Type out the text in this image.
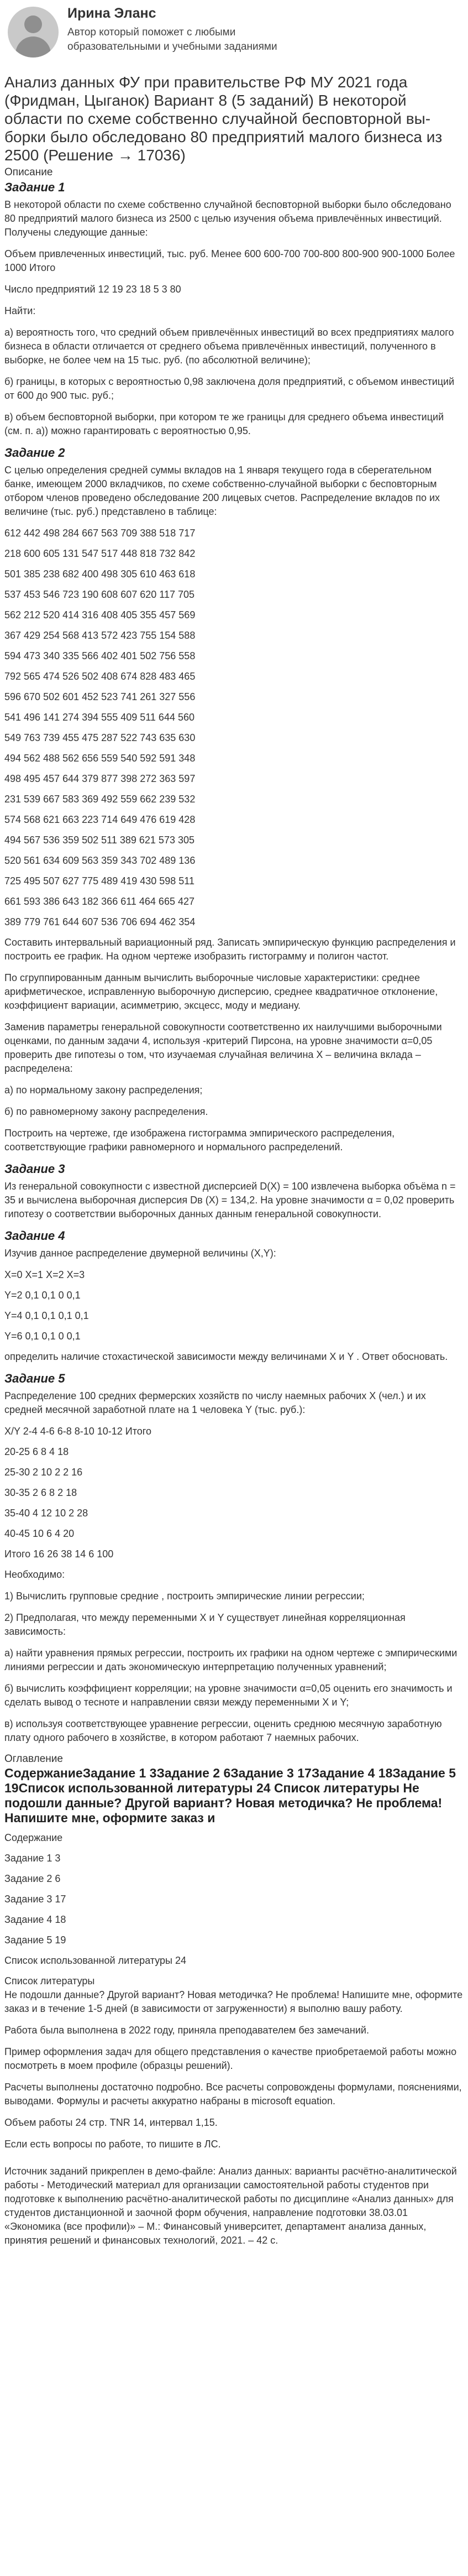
Ирина Эланс
Автор который поможет с любыми образовательными и учебными заданиями
Анализ данных ФУ при правительстве РФ МУ 2021 года (Фридман, Цыганок) Вариант 8 (5 заданий) В некоторой области по схеме собственно случайной бесповторной вы-борки было обследовано 80 предприятий малого бизнеса из 2500 (Решение → 17036)
Описание
Задание 1

В некоторой области по схеме собственно случайной бесповторной выборки было обследовано 80 предприятий малого бизнеса из 2500 с целью изучения объема привлечённых инвестиций. Получены следующие данные:

Объем привлеченных инвестиций, тыс. руб. Менее 600 600-700 700-800 800-900 900-1000 Более 1000 Итого

Число предприятий 12 19 23 18 5 3 80

Найти:

а) вероятность того, что средний объем привлечённых инвестиций во всех предприятиях малого бизнеса в области отличается от среднего объема привлечённых инвестиций, полученного в выборке, не более чем на 15 тыс. руб. (по абсолютной величине);

б) границы, в которых с вероятностью 0,98 заключена доля предприятий, с объемом инвестиций от 600 до 900 тыс. руб.;

в) объем бесповторной выборки, при котором те же границы для среднего объема инвестиций (см. п. а)) можно гарантировать с вероятностью 0,95.

Задание 2

С целью определения средней суммы вкладов на 1 января текущего года в сберегательном банке, имеющем 2000 вкладчиков, по схеме собственно-случайной выборки с бесповторным отбором членов проведено обследование 200 лицевых счетов. Распределение вкладов по их величине (тыс. руб.) представлено в таблице:

612 442 498 284 667 563 709 388 518 717
218 600 605 131 547 517 448 818 732 842
501 385 238 682 400 498 305 610 463 618
537 453 546 723 190 608 607 620 117 705
562 212 520 414 316 408 405 355 457 569
367 429 254 568 413 572 423 755 154 588
594 473 340 335 566 402 401 502 756 558
792 565 474 526 502 408 674 828 483 465
596 670 502 601 452 523 741 261 327 556
541 496 141 274 394 555 409 511 644 560
549 763 739 455 475 287 522 743 635 630
494 562 488 562 656 559 540 592 591 348
498 495 457 644 379 877 398 272 363 597
231 539 667 583 369 492 559 662 239 532
574 568 621 663 223 714 649 476 619 428
494 567 536 359 502 511 389 621 573 305
520 561 634 609 563 359 343 702 489 136
725 495 507 627 775 489 419 430 598 511
661 593 386 643 182 366 611 464 665 427
389 779 761 644 607 536 706 694 462 354

Составить интервальный вариационный ряд. Записать эмпирическую функцию распределения и построить ее график. На одном чертеже изобразить гистограмму и полигон частот.

По сгруппированным данным вычислить выборочные числовые характеристики: среднее арифметическое, исправленную выборочную дисперсию, среднее квадратичное отклонение, коэффициент вариации, асимметрию, эксцесс, моду и медиану.

Заменив параметры генеральной совокупности соответственно их наилучшими выборочными оценками, по данным задачи 4, используя -критерий Пирсона, на уровне значимости α=0,05 проверить две гипотезы о том, что изучаемая случайная величина X – величина вклада – распределена:

а) по нормальному закону распределения;

б) по равномерному закону распределения.

Построить на чертеже, где изображена гистограмма эмпирического распределения, соответствующие графики равномерного и нормального распределений.

Задание 3

Из генеральной совокупности с известной дисперсией D(X) = 100 извлечена выборка объёма n = 35 и вычислена выборочная дисперсия Dв (X) = 134,2. На уровне значимости α = 0,02 проверить гипотезу о соответствии выборочных данных данным генеральной совокупности.

Задание 4

Изучив данное распределение двумерной величины (X,Y):

X=0 X=1 X=2 X=3
Y=2 0,1 0,1 0 0,1
Y=4 0,1 0,1 0,1 0,1
Y=6 0,1 0,1 0 0,1

определить наличие стохастической зависимости между величинами X и Y . Ответ обосновать.

Задание 5

Распределение 100 средних фермерских хозяйств по числу наемных рабочих X (чел.) и их средней месячной заработной плате на 1 человека Y (тыс. руб.):

X/Y 2-4 4-6 6-8 8-10 10-12 Итого
20-25 6 8 4 18
25-30 2 10 2 2 16
30-35 2 6 8 2 18
35-40 4 12 10 2 28
40-45 10 6 4 20
Итого 16 26 38 14 6 100

Необходимо:

1) Вычислить групповые средние , построить эмпирические линии регрессии;

2) Предполагая, что между переменными X и Y существует линейная корреляционная зависимость:

а) найти уравнения прямых регрессии, построить их графики на одном чертеже с эмпирическими линиями регрессии и дать экономическую интерпретацию полученных уравнений;

б) вычислить коэффициент корреляции; на уровне значимости α=0,05 оценить его значимость и сделать вывод о тесноте и направлении связи между переменными X и Y;

в) используя соответствующее уравнение регрессии, оценить среднюю месячную заработную плату одного рабочего в хозяйстве, в котором работают 7 наемных рабочих.

Оглавление
СодержаниеЗадание 1 3Задание 2 6Задание 3 17Задание 4 18Задание 5 19Список использованной литературы 24 Список литературы Не подошли данные? Другой вариант? Новая методичка? Не проблема! Напишите мне, оформите заказ и
Содержание
Задание 1 3
Задание 2 6
Задание 3 17
Задание 4 18
Задание 5 19
Список использованной литературы 24
Список литературы

Не подошли данные? Другой вариант? Новая методичка? Не проблема! Напишите мне, оформите заказ и в течение 1-5 дней (в зависимости от загруженности) я выполню вашу работу.

Работа была выполнена в 2022 году, приняла преподавателем без замечаний.

Пример оформления задач для общего представления о качестве приобретаемой работы можно посмотреть в моем профиле (образцы решений).

Расчеты выполнены достаточно подробно. Все расчеты сопровождены формулами, пояснениями, выводами. Формулы и расчеты аккуратно набраны в microsoft equation.

Объем работы 24 стр. TNR 14, интервал 1,15.

Если есть вопросы по работе, то пишите в ЛС.

Источник заданий прикреплен в демо-файле: Анализ данных: варианты расчётно-аналитической работы - Методический материал для организации самостоятельной работы студентов при подготовке к выполнению расчётно-аналитической работы по дисциплине «Анализ данных» для студентов дистанционной и заочной форм обучения, направление подготовки 38.03.01 «Экономика (все профили)» – М.: Финансовый университет, департамент анализа данных, принятия решений и финансовых технологий, 2021. – 42 с.
